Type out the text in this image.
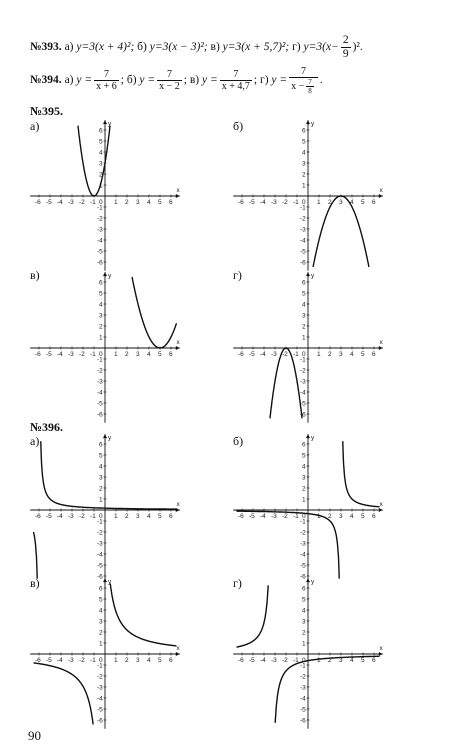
№393. а) y=3(x + 4)²; б) y=3(x − 3)²; в) y=3(x + 5,7)²; г) $y=3(x- \frac{2}{9} )^2$.
№394. а) $y = \frac{7}{x + 6}$ ; б) $y = \frac{7}{x - 2}$ ; в) $y = \frac{7}{x + 4,7}$ ; г) $y = \frac{7}{x - \frac{7}{8}}$ .
№395.
а)	б)
в)	г)
x
y
-6
-6
-5
-5
-4
-4
-3
-3
-2
-2
-1
-1
1
1
2
2
3
3
4
4
5
5
6
6
0
x
y
-6
-6
-5
-5
-4
-4
-3
-3
-2
-2
-1
-1
1
1
2
2
3
3
4
4
5
5
6
6
0
x
y
-6
-6
-5
-5
-4
-4
-3
-3
-2
-2
-1
-1
1
1
2
2
3
3
4
4
5
5
6
6
0
x
y
-6
-6
-5
-5
-4
-4
-3
-3
-2
-2
-1
-1
1
1
2
2
3
3
4
4
5
5
6
6
0
№396.
а)	б)
в)	г)
x
y
-6
-6
-5
-5
-4
-4
-3
-3
-2
-2
-1
-1
1
1
2
2
3
3
4
4
5
5
6
6
0
x
y
-6
-6
-5
-5
-4
-4
-3
-3
-2
-2
-1
-1
1
1
2
2
3
3
4
4
5
5
6
6
0
x
y
-6
-6
-5
-5
-4
-4
-3
-3
-2
-2
-1
-1
1
1
2
2
3
3
4
4
5
5
6
6
0
x
y
-6
-6
-5
-5
-4
-4
-3
-3
-2
-2
-1
-1
1
1
2
2
3
3
4
4
5
5
6
6
0
90
